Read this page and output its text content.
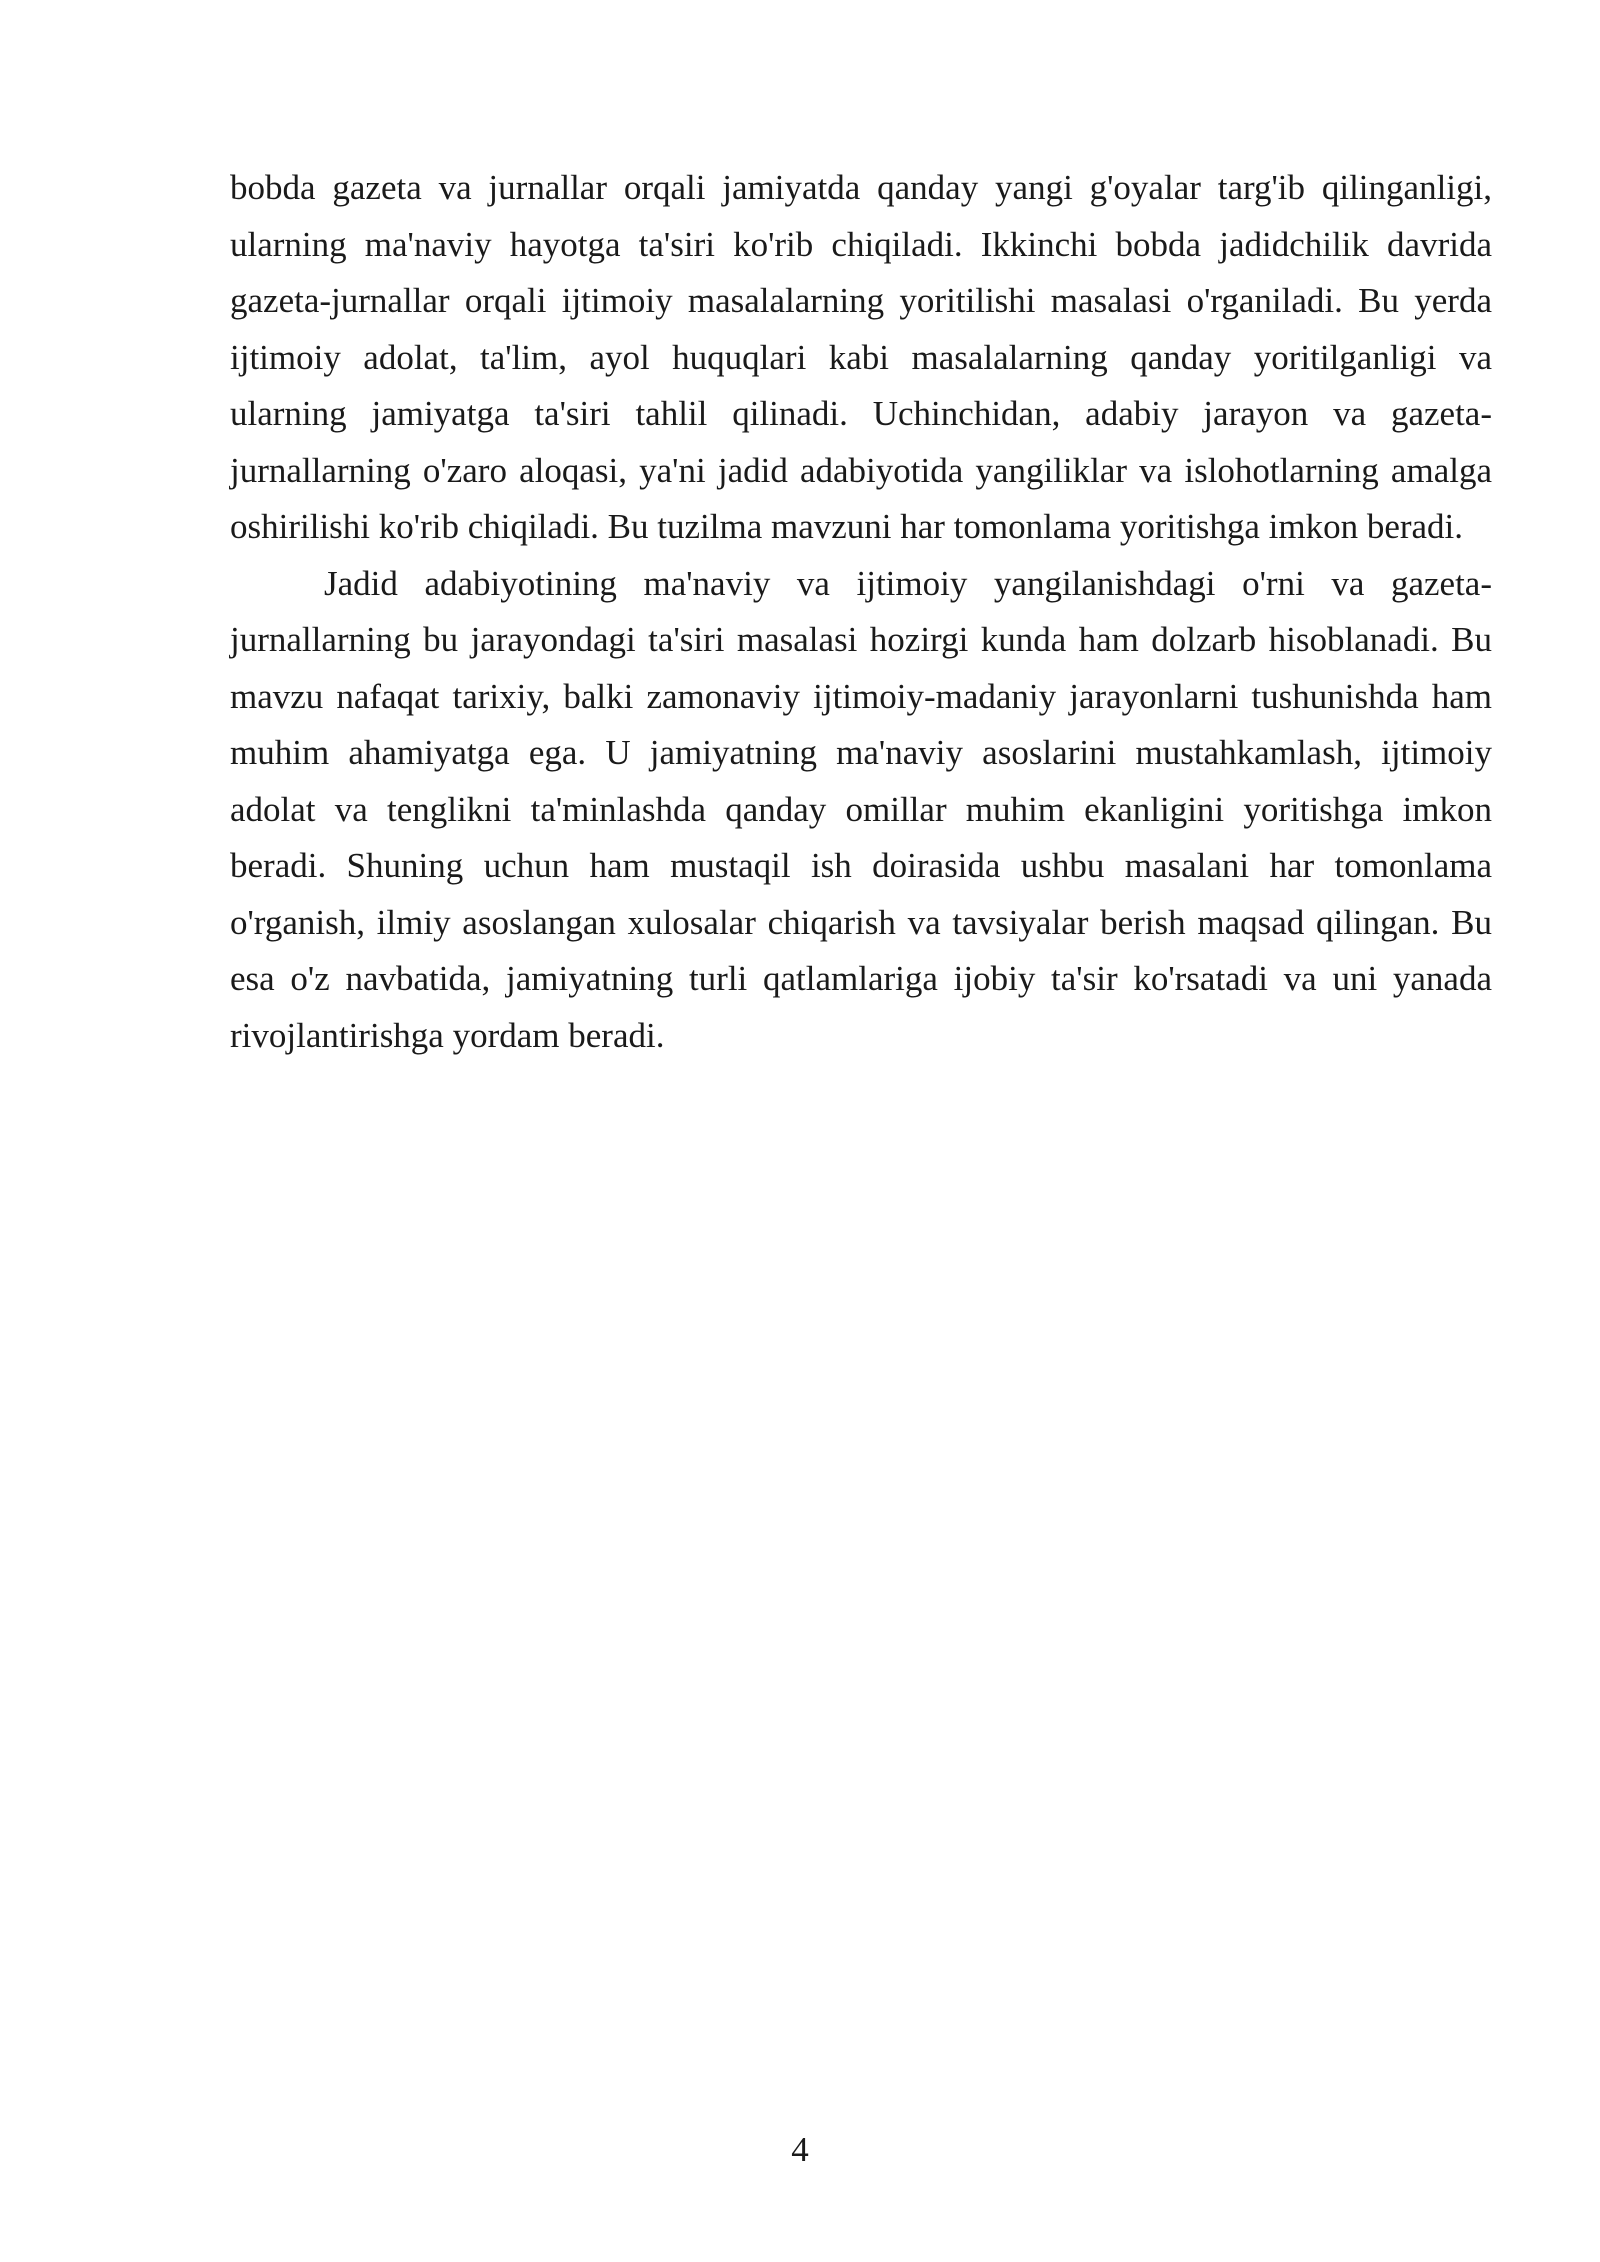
bobda gazeta va jurnallar orqali jamiyatda qanday yangi g'oyalar targ'ib qilinganligi, ularning ma'naviy hayotga ta'siri ko'rib chiqiladi. Ikkinchi bobda jadidchilik davrida gazeta-jurnallar orqali ijtimoiy masalalarning yoritilishi masalasi o'rganiladi. Bu yerda ijtimoiy adolat, ta'lim, ayol huquqlari kabi masalalarning qanday yoritilganligi va ularning jamiyatga ta'siri tahlil qilinadi. Uchinchidan, adabiy jarayon va gazeta-jurnallarning o'zaro aloqasi, ya'ni jadid adabiyotida yangiliklar va islohotlarning amalga oshirilishi ko'rib chiqiladi. Bu tuzilma mavzuni har tomonlama yoritishga imkon beradi.

Jadid adabiyotining ma'naviy va ijtimoiy yangilanishdagi o'rni va gazeta-jurnallarning bu jarayondagi ta'siri masalasi hozirgi kunda ham dolzarb hisoblanadi. Bu mavzu nafaqat tarixiy, balki zamonaviy ijtimoiy-madaniy jarayonlarni tushunishda ham muhim ahamiyatga ega. U jamiyatning ma'naviy asoslarini mustahkamlash, ijtimoiy adolat va tenglikni ta'minlashda qanday omillar muhim ekanligini yoritishga imkon beradi. Shuning uchun ham mustaqil ish doirasida ushbu masalani har tomonlama o'rganish, ilmiy asoslangan xulosalar chiqarish va tavsiyalar berish maqsad qilingan. Bu esa o'z navbatida, jamiyatning turli qatlamlariga ijobiy ta'sir ko'rsatadi va uni yanada rivojlantirishga yordam beradi.

4
